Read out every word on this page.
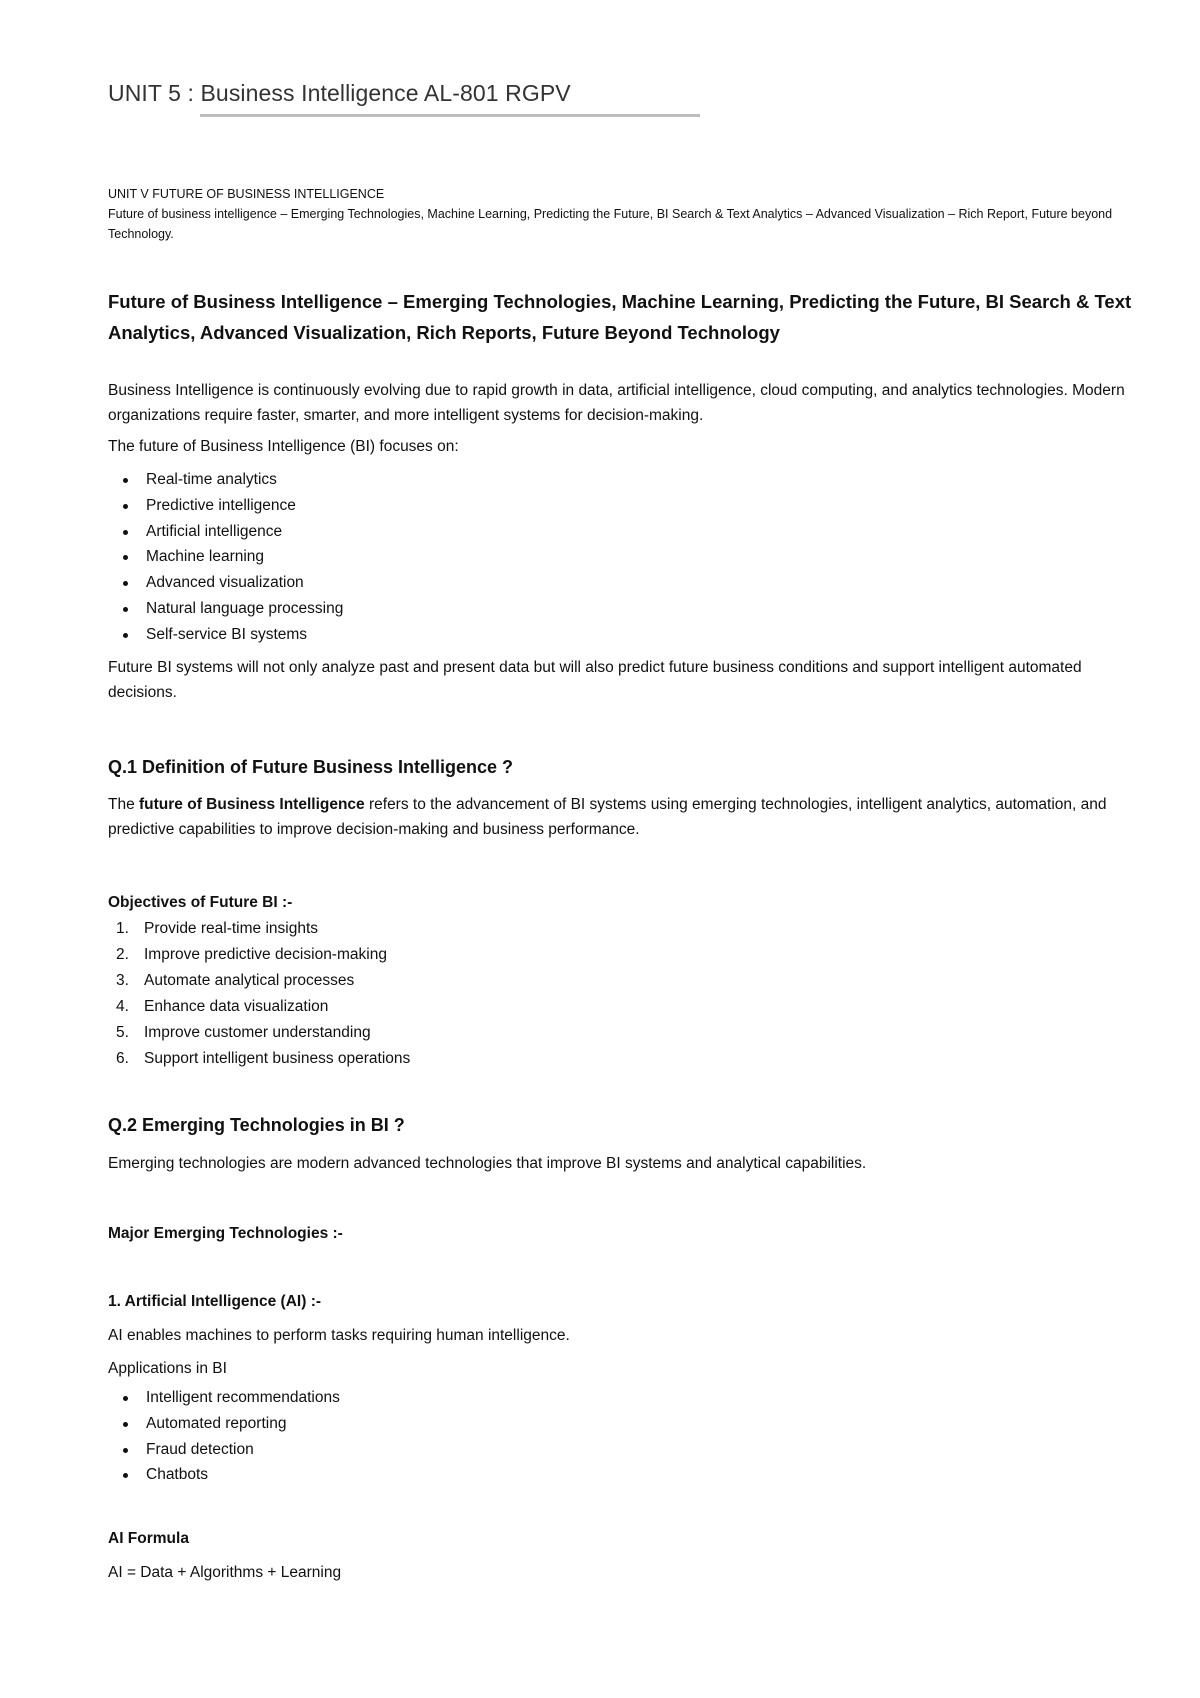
UNIT 5 : Business Intelligence AL-801 RGPV
UNIT V FUTURE OF BUSINESS INTELLIGENCE
Future of business intelligence – Emerging Technologies, Machine Learning, Predicting the Future, BI Search & Text Analytics – Advanced Visualization – Rich Report, Future beyond Technology.
Future of Business Intelligence – Emerging Technologies, Machine Learning, Predicting the Future, BI Search & Text Analytics, Advanced Visualization, Rich Reports, Future Beyond Technology
Business Intelligence is continuously evolving due to rapid growth in data, artificial intelligence, cloud computing, and analytics technologies. Modern organizations require faster, smarter, and more intelligent systems for decision-making.
The future of Business Intelligence (BI) focuses on:
Real-time analytics
Predictive intelligence
Artificial intelligence
Machine learning
Advanced visualization
Natural language processing
Self-service BI systems
Future BI systems will not only analyze past and present data but will also predict future business conditions and support intelligent automated decisions.
Q.1 Definition of Future Business Intelligence ?
The future of Business Intelligence refers to the advancement of BI systems using emerging technologies, intelligent analytics, automation, and predictive capabilities to improve decision-making and business performance.
Objectives of Future BI :-
1. Provide real-time insights
2. Improve predictive decision-making
3. Automate analytical processes
4. Enhance data visualization
5. Improve customer understanding
6. Support intelligent business operations
Q.2 Emerging Technologies in BI ?
Emerging technologies are modern advanced technologies that improve BI systems and analytical capabilities.
Major Emerging Technologies :-
1. Artificial Intelligence (AI) :-
AI enables machines to perform tasks requiring human intelligence.
Applications in BI
Intelligent recommendations
Automated reporting
Fraud detection
Chatbots
AI Formula
AI = Data + Algorithms + Learning
